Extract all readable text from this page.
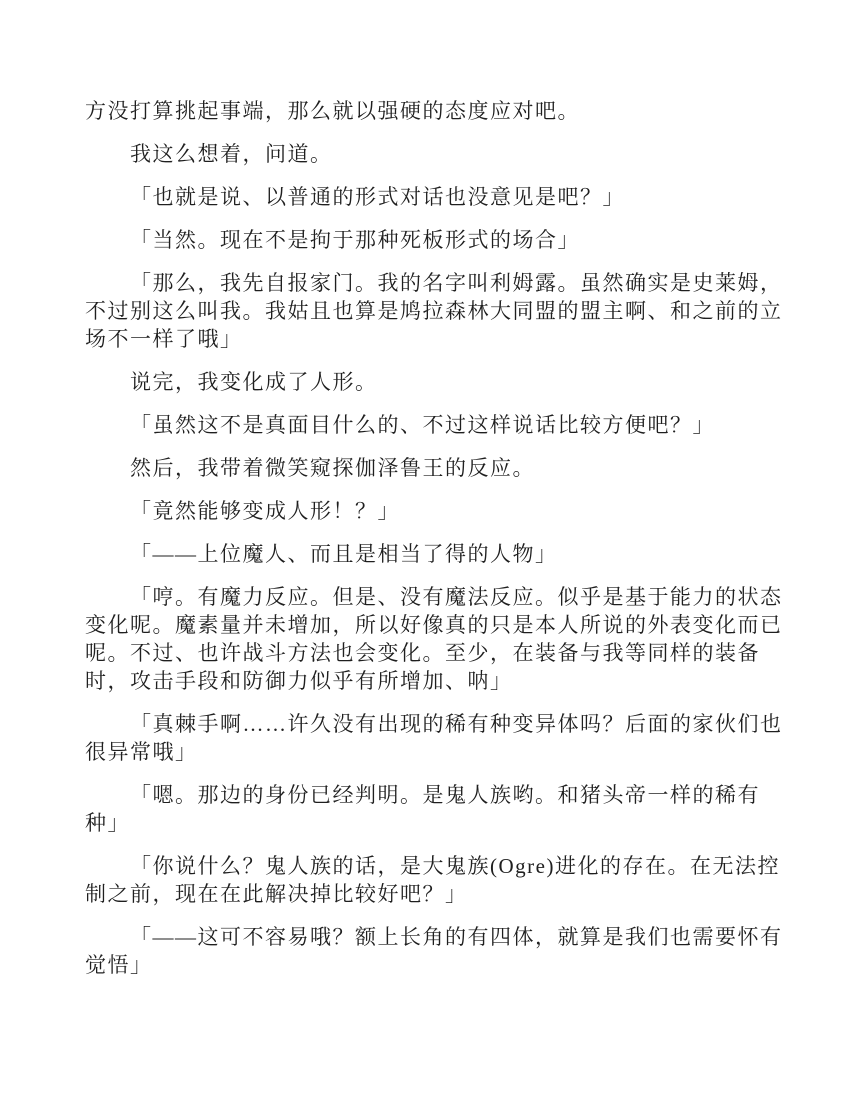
方没打算挑起事端，那么就以强硬的态度应对吧。
我这么想着，问道。
「也就是说、以普通的形式对话也没意见是吧？」
「当然。现在不是拘于那种死板形式的场合」
「那么，我先自报家门。我的名字叫利姆露。虽然确实是史莱姆，
不过别这么叫我。我姑且也算是鸠拉森林大同盟的盟主啊、和之前的立
场不一样了哦」
说完，我变化成了人形。
「虽然这不是真面目什么的、不过这样说话比较方便吧？」
然后，我带着微笑窥探伽泽鲁王的反应。
「竟然能够变成人形！？」
「——上位魔人、而且是相当了得的人物」
「哼。有魔力反应。但是、没有魔法反应。似乎是基于能力的状态
变化呢。魔素量并未增加，所以好像真的只是本人所说的外表变化而已
呢。不过、也许战斗方法也会变化。至少，在装备与我等同样的装备
时，攻击手段和防御力似乎有所增加、呐」
「真棘手啊……许久没有出现的稀有种变异体吗？后面的家伙们也
很异常哦」
「嗯。那边的身份已经判明。是鬼人族哟。和猪头帝一样的稀有
种」
「你说什么？鬼人族的话，是大鬼族(Ogre)进化的存在。在无法控
制之前，现在在此解决掉比较好吧？」
「——这可不容易哦？额上长角的有四体，就算是我们也需要怀有
觉悟」
